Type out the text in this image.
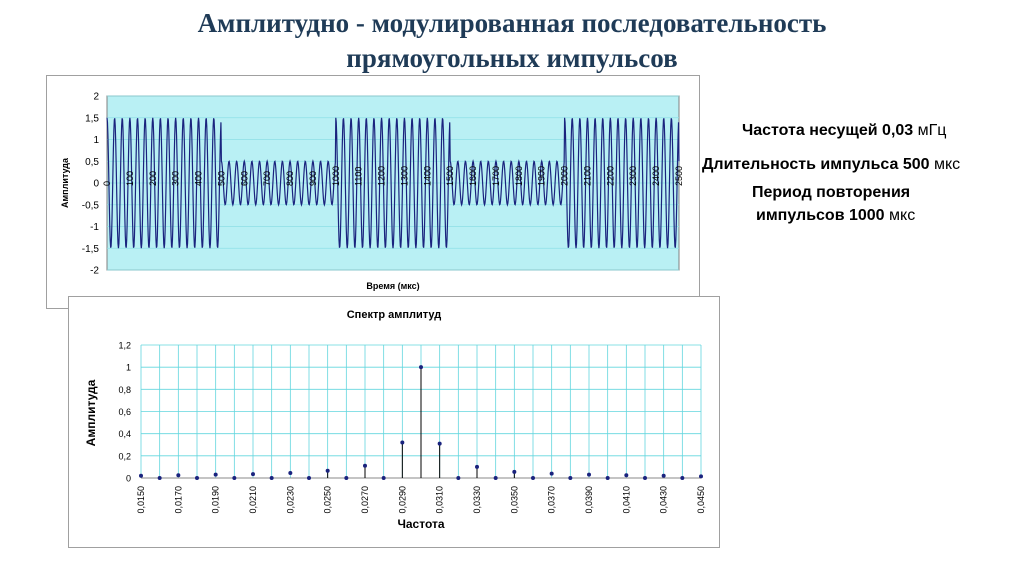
Амплитудно - модулированная последовательность
прямоугольных импульсов
Частота несущей 0,03 мГц
Длительность импульса 500 мкс
Период повторения
импульсов 1000 мкс
2
1,5
1
0,5
0
-0,5
-1
-1,5
-2
0 100 200 300 400 500 600 700 800 900 1000 1100 1200 1300 1400 1500 1600 1700 1800 1900 2000 2100 2200 2300 2400 2500
Время (мкс)
Амплитуда
Спектр амплитуд
0
0,2
0,4
0,6
0,8
1
1,2
0,0150	0,0170	0,0190	0,0210	0,0230	0,0250	0,0270	0,0290	0,0310	0,0330	0,0350	0,0370	0,0390	0,0410	0,0430	0,0450
Частота
Амплитуда
